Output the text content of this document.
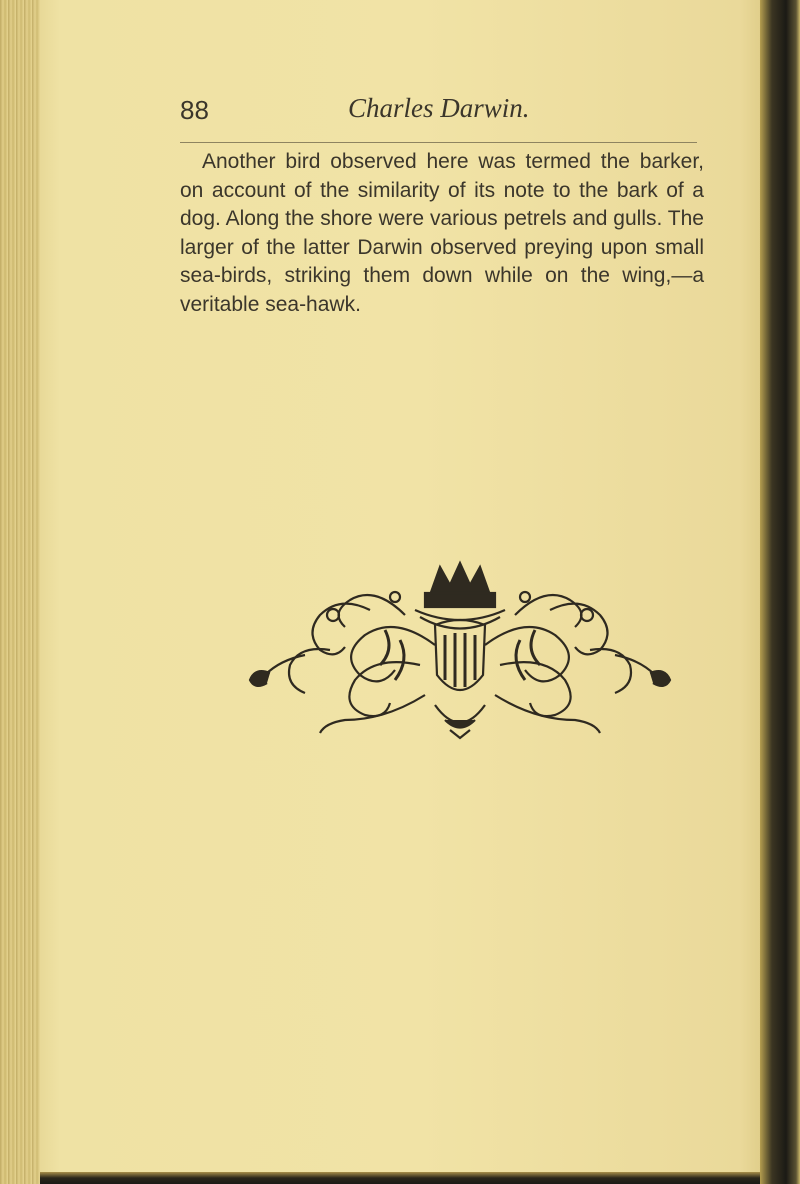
88	Charles Darwin.

Another bird observed here was termed the barker, on account of the similarity of its note to the bark of a dog. Along the shore were various petrels and gulls. The larger of the latter Darwin observed preying upon small sea-birds, striking them down while on the wing,—a veritable sea-hawk.
